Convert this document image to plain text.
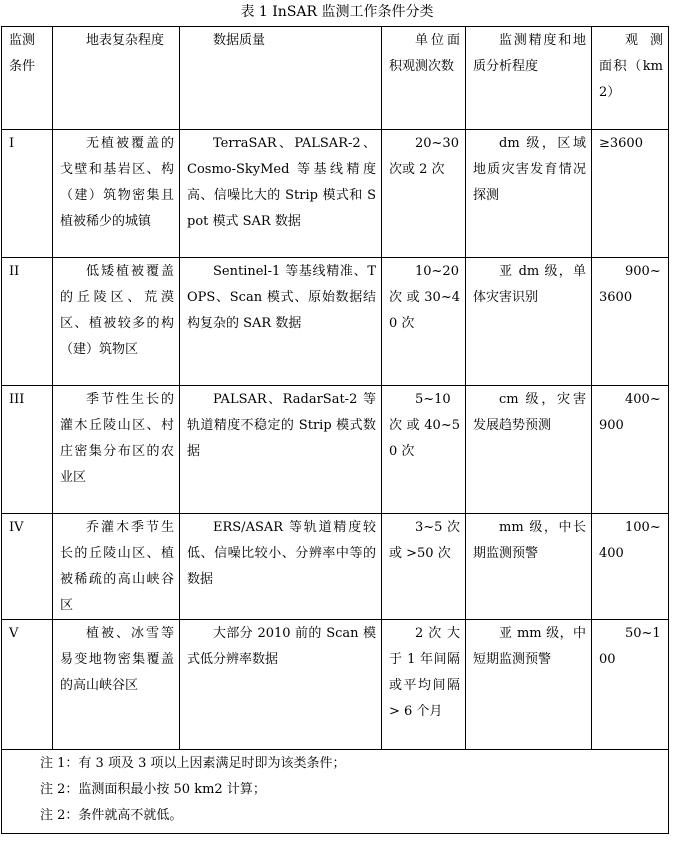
表 1 InSAR 监测工作条件分类
监测条件	地表复杂程度	数据质量	单位面积观测次数	监测精度和地质分析程度	观测面积（km2）
I	无植被覆盖的戈壁和基岩区、构（建）筑物密集且植被稀少的城镇	TerraSAR、PALSAR-2、Cosmo-SkyMed 等基线精度高、信噪比大的 Strip 模式和 Spot 模式 SAR 数据	20~30 次或 2 次	dm 级，区域地质灾害发育情况探测	≥3600
II	低矮植被覆盖的丘陵区、荒漠区、植被较多的构（建）筑物区	Sentinel-1 等基线精准、TOPS、Scan 模式、原始数据结构复杂的 SAR 数据	10~20 次 或 30~40 次	亚 dm 级，单体灾害识别	900~3600
III	季节性生长的灌木丘陵山区、村庄密集分布区的农业区	PALSAR、RadarSat-2 等轨道精度不稳定的 Strip 模式数据	5~10 次 或 40~50 次	cm 级，灾害发展趋势预测	400~900
IV	乔灌木季节生长的丘陵山区、植被稀疏的高山峡谷区	ERS/ASAR 等轨道精度较低、信噪比较小、分辨率中等的数据	3~5 次或 >50 次	mm 级，中长期监测预警	100~400
V	植被、冰雪等易变地物密集覆盖的高山峡谷区	大部分 2010 前的 Scan 模式低分辨率数据	2 次 大于 1 年间隔或平均间隔> 6 个月	亚 mm 级，中短期监测预警	50~100

注 1：有 3 项及 3 项以上因素满足时即为该类条件；
注 2：监测面积最小按 50 km2 计算；
注 2：条件就高不就低。					
